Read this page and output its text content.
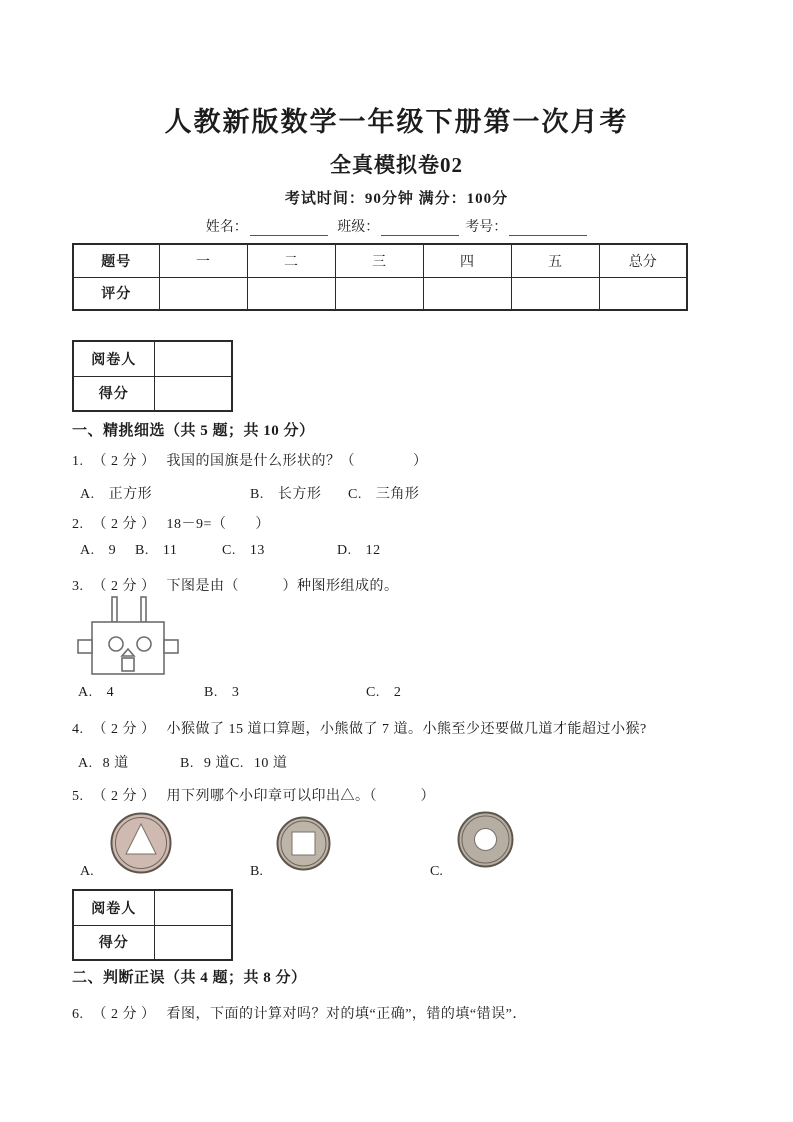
人教新版数学一年级下册第一次月考
全真模拟卷02
考试时间：90分钟 满分：100分
姓名：	班级：	考号：
题号	一	二	三	四	五	总分
评分						
阅卷人	
得分	
一、精挑细选（共 5 题；共 10 分）
1. （ 2 分 ） 我国的国旗是什么形状的？（　　　　）
A. 正方形	B. 长方形 C. 三角形
2. （ 2 分 ） 18－9=（　　）
A. 9 B. 11	C. 13	D. 12
3. （ 2 分 ） 下图是由（　　　）种图形组成的。
A. 4	B. 3	C. 2
4. （ 2 分 ） 小猴做了 15 道口算题，小熊做了 7 道。小熊至少还要做几道才能超过小猴?
A. 8 道	B. 9 道 C. 10 道
5. （ 2 分 ） 用下列哪个小印章可以印出△。（　　　）
A.	B.	C.
阅卷人	
得分	
二、判断正误（共 4 题；共 8 分）
6. （ 2 分 ） 看图，下面的计算对吗？对的填“正确”，错的填“错误”．
